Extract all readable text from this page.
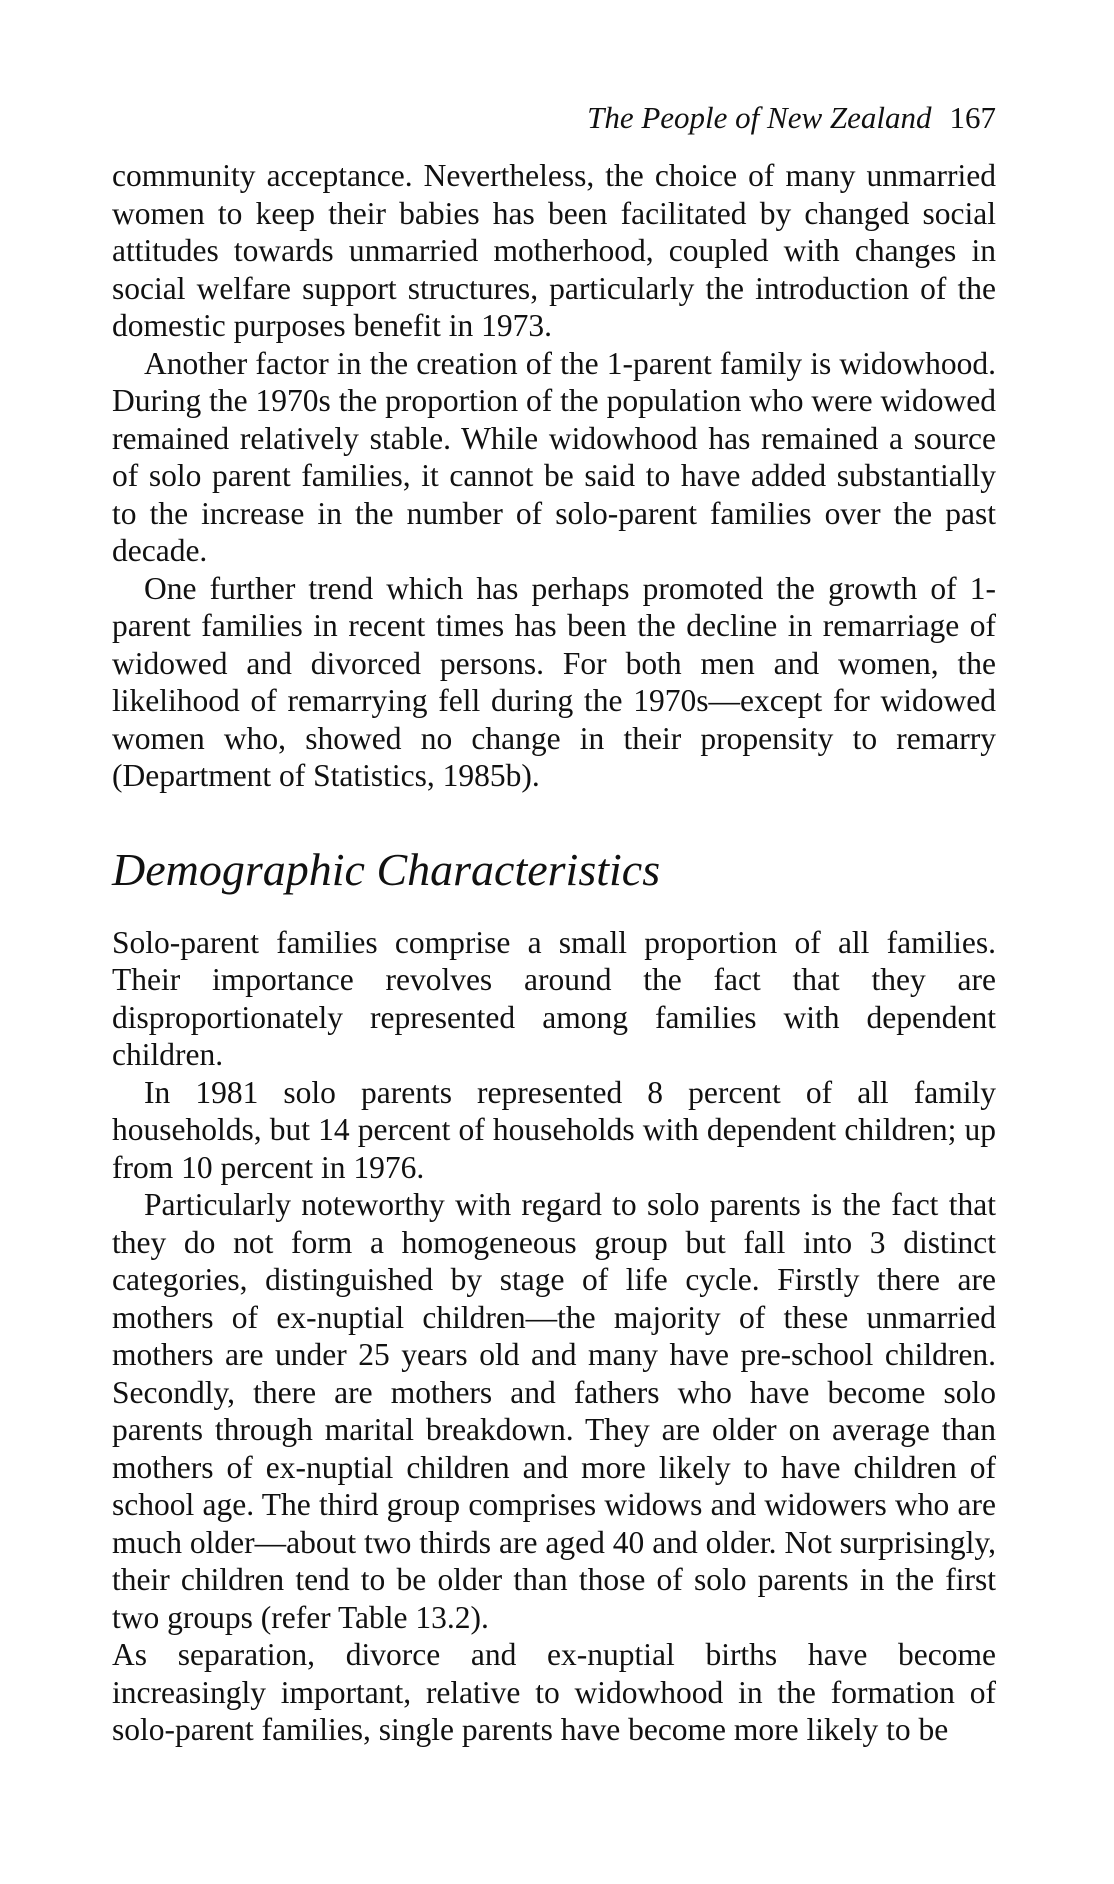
The People of New Zealand 167

community acceptance. Nevertheless, the choice of many unmarried women to keep their babies has been facilitated by changed social attitudes towards unmarried motherhood, coupled with changes in social welfare support structures, particularly the introduction of the domestic purposes benefit in 1973.

Another factor in the creation of the 1-parent family is widowhood. During the 1970s the proportion of the population who were widowed remained relatively stable. While widowhood has remained a source of solo parent families, it cannot be said to have added substantially to the increase in the number of solo-parent families over the past decade.

One further trend which has perhaps promoted the growth of 1-parent families in recent times has been the decline in remarriage of widowed and divorced persons. For both men and women, the likelihood of remarrying fell during the 1970s—except for widowed women who, showed no change in their propensity to remarry (Department of Statistics, 1985b).

Demographic Characteristics

Solo-parent families comprise a small proportion of all families. Their importance revolves around the fact that they are disproportionately represented among families with dependent children.

In 1981 solo parents represented 8 percent of all family households, but 14 percent of households with dependent children; up from 10 percent in 1976.

Particularly noteworthy with regard to solo parents is the fact that they do not form a homogeneous group but fall into 3 distinct categories, distinguished by stage of life cycle. Firstly there are mothers of ex-nuptial children—the majority of these unmarried mothers are under 25 years old and many have pre-school children. Secondly, there are mothers and fathers who have become solo parents through marital breakdown. They are older on average than mothers of ex-nuptial children and more likely to have children of school age. The third group comprises widows and widowers who are much older—about two thirds are aged 40 and older. Not surprisingly, their children tend to be older than those of solo parents in the first two groups (refer Table 13.2).

As separation, divorce and ex-nuptial births have become increasingly important, relative to widowhood in the formation of solo-parent families, single parents have become more likely to be
